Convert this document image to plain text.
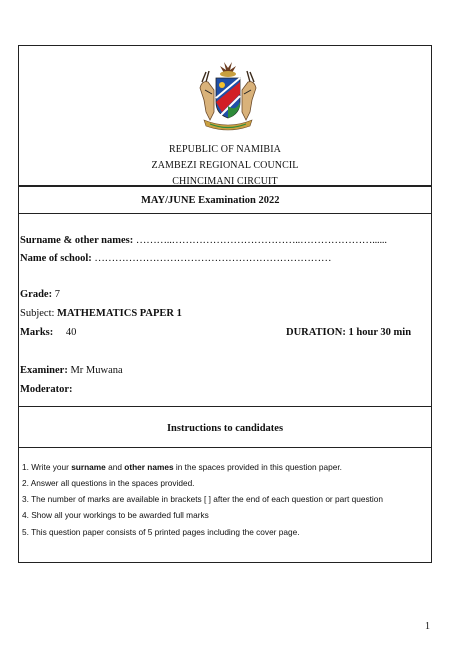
REPUBLIC OF NAMIBIA
ZAMBEZI REGIONAL COUNCIL
CHINCIMANI CIRCUIT
MAY/JUNE Examination 2022
Surname & other names: ………..………………………………..…………………......
Name of school: ……………………………………………………………
Grade: 7
Subject: MATHEMATICS PAPER 1
Marks: 40	DURATION: 1 hour 30 min
Examiner: Mr Muwana
Moderator:
Instructions to candidates
1. Write your surname and other names in the spaces provided in this question paper.
2. Answer all questions in the spaces provided.
3. The number of marks are available in brackets [ ] after the end of each question or part question
4. Show all your workings to be awarded full marks
5. This question paper consists of 5 printed pages including the cover page.
1
